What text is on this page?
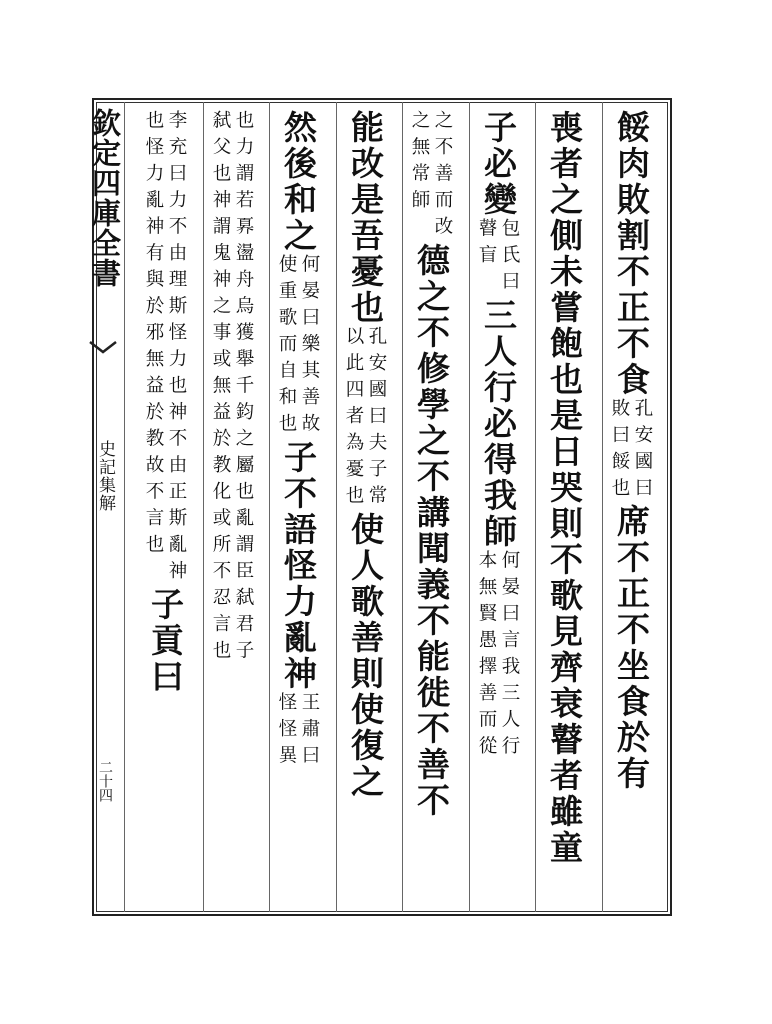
欽定四庫全書
史記集解
二十四
餒肉敗割不正不食
孔安國曰
敗曰餒也
席不正不坐食於有
喪者之側未嘗飽也是日哭則不歌見齊衰瞽者雖童
子必變
包氏曰
瞽盲
三人行必得我師
何晏曰言我三人行
本無賢愚擇善而從
之不善而改
之無常師
德之不修學之不講聞義不能徙不善不
能改是吾憂也
孔安國曰夫子常
以此四者為憂也
使人歌善則使復之
然後和之
何晏曰樂其善故
使重歌而自和也
子不語怪力亂神
王肅曰
怪怪異
也力謂若奡盪舟烏獲舉千鈞之屬也亂謂臣弑君子
弑父也神謂鬼神之事或無益於教化或所不忍言也
李充曰力不由理斯怪力也神不由正斯亂神
也怪力亂神有與於邪無益於教故不言也
子貢曰
